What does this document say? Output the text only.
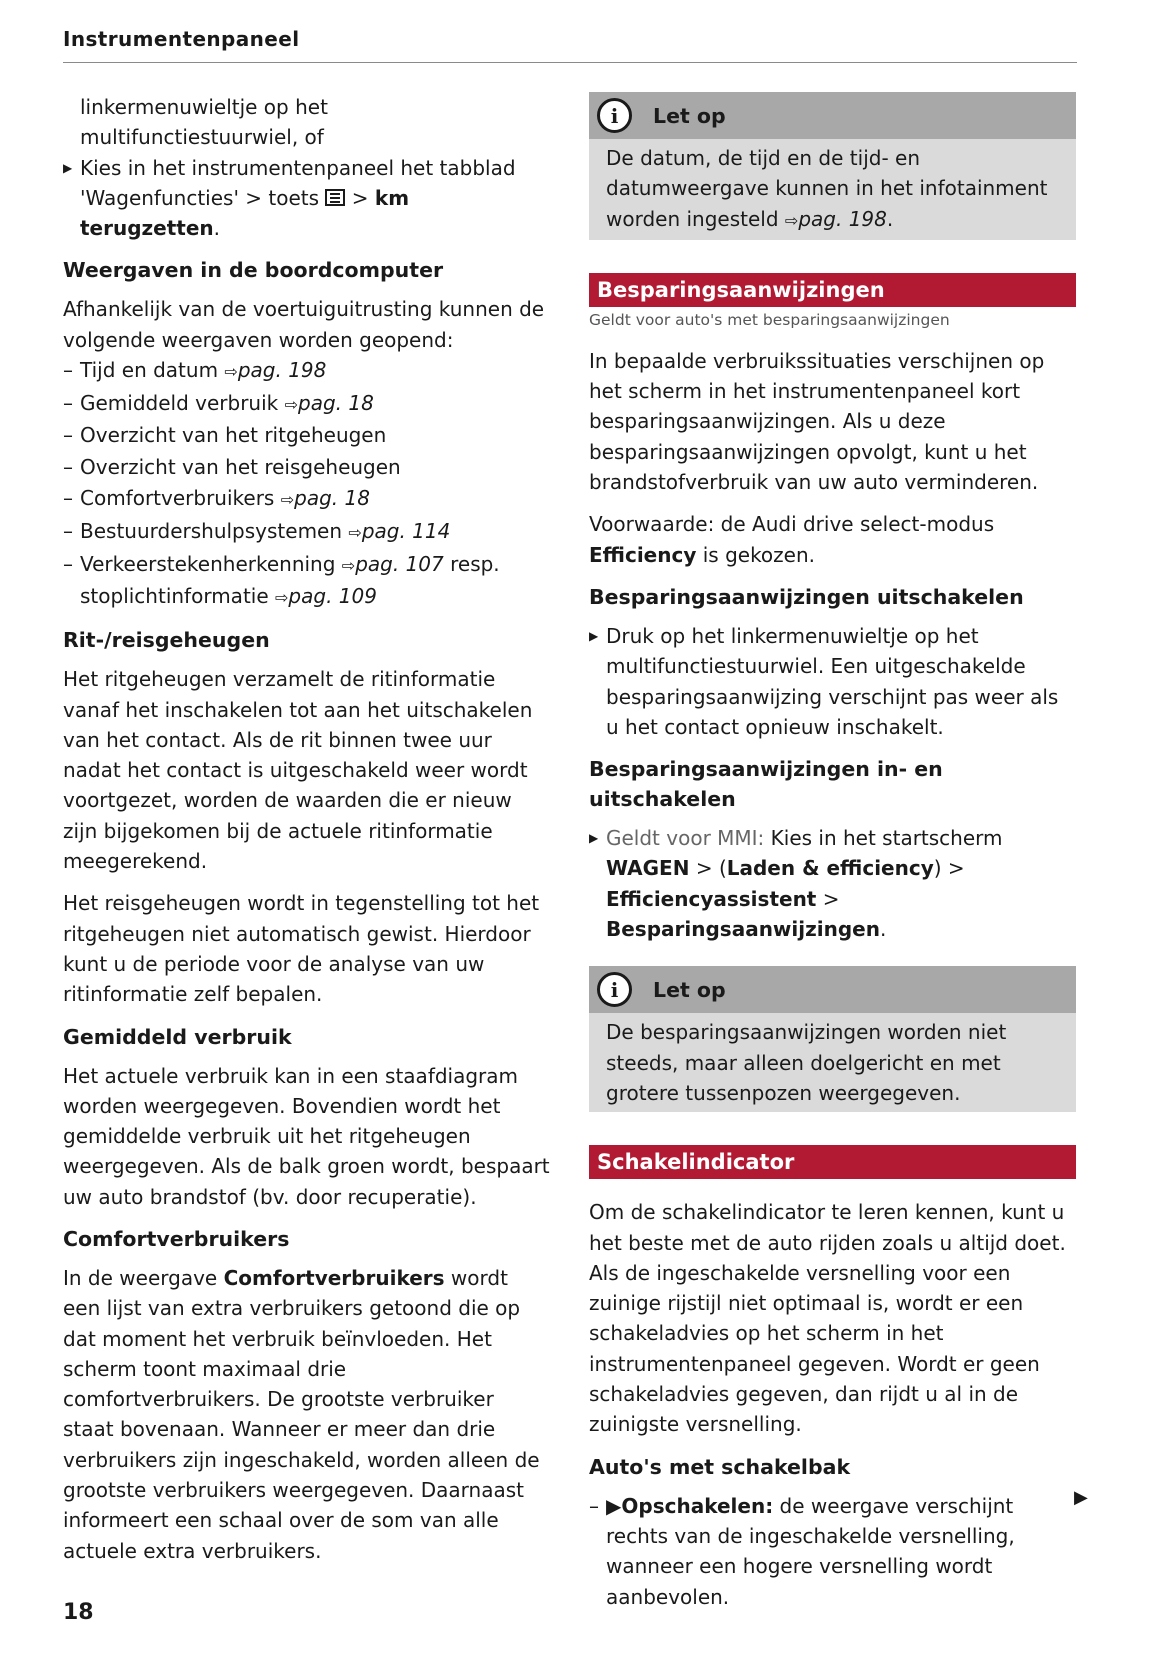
Instrumentenpaneel
linkermenuwieltje op het multifunctiestuurwiel, of
▶ Kies in het instrumentenpaneel het tabblad 'Wagenfuncties' > toets  > km terugzetten.
Weergaven in de boordcomputer
Afhankelijk van de voertuiguitrusting kunnen de volgende weergaven worden geopend:
– Tijd en datum ⇨pag. 198
– Gemiddeld verbruik ⇨pag. 18
– Overzicht van het ritgeheugen
– Overzicht van het reisgeheugen
– Comfortverbruikers ⇨pag. 18
– Bestuurdershulpsystemen ⇨pag. 114
– Verkeerstekenherkenning ⇨pag. 107 resp.
stoplichtinformatie ⇨pag. 109
Rit-/reisgeheugen
Het ritgeheugen verzamelt de ritinformatie vanaf het inschakelen tot aan het uitschakelen van het contact. Als de rit binnen twee uur nadat het contact is uitgeschakeld weer wordt voortgezet, worden de waarden die er nieuw zijn bijgekomen bij de actuele ritinformatie meegerekend.
Het reisgeheugen wordt in tegenstelling tot het ritgeheugen niet automatisch gewist. Hierdoor kunt u de periode voor de analyse van uw ritinformatie zelf bepalen.
Gemiddeld verbruik
Het actuele verbruik kan in een staafdiagram worden weergegeven. Bovendien wordt het gemiddelde verbruik uit het ritgeheugen weergegeven. Als de balk groen wordt, bespaart uw auto brandstof (bv. door recuperatie).
Comfortverbruikers
In de weergave Comfortverbruikers wordt een lijst van extra verbruikers getoond die op dat moment het verbruik beïnvloeden. Het scherm toont maximaal drie comfortverbruikers. De grootste verbruiker staat bovenaan. Wanneer er meer dan drie verbruikers zijn ingeschakeld, worden alleen de grootste verbruikers weergegeven. Daarnaast informeert een schaal over de som van alle actuele extra verbruikers.
i	Let op
De datum, de tijd en de tijd- en datumweergave kunnen in het infotainment worden ingesteld ⇨pag. 198.
Besparingsaanwijzingen
Geldt voor auto's met besparingsaanwijzingen
In bepaalde verbruikssituaties verschijnen op het scherm in het instrumentenpaneel kort besparingsaanwijzingen. Als u deze besparingsaanwijzingen opvolgt, kunt u het brandstofverbruik van uw auto verminderen.
Voorwaarde: de Audi drive select-modus Efficiency is gekozen.
Besparingsaanwijzingen uitschakelen
▶ Druk op het linkermenuwieltje op het multifunctiestuurwiel. Een uitgeschakelde besparingsaanwijzing verschijnt pas weer als u het contact opnieuw inschakelt.
Besparingsaanwijzingen in- en uitschakelen
▶ Geldt voor MMI: Kies in het startscherm WAGEN > (Laden & efficiency) > Efficiencyassistent > Besparingsaanwijzingen.
i	Let op
De besparingsaanwijzingen worden niet steeds, maar alleen doelgericht en met grotere tussenpozen weergegeven.
Schakelindicator
Om de schakelindicator te leren kennen, kunt u het beste met de auto rijden zoals u altijd doet. Als de ingeschakelde versnelling voor een zuinige rijstijl niet optimaal is, wordt er een schakeladvies op het scherm in het instrumentenpaneel gegeven. Wordt er geen schakeladvies gegeven, dan rijdt u al in de zuinigste versnelling.
Auto's met schakelbak
– ▶Opschakelen: de weergave verschijnt rechts van de ingeschakelde versnelling, wanneer een hogere versnelling wordt aanbevolen.
▶
18
